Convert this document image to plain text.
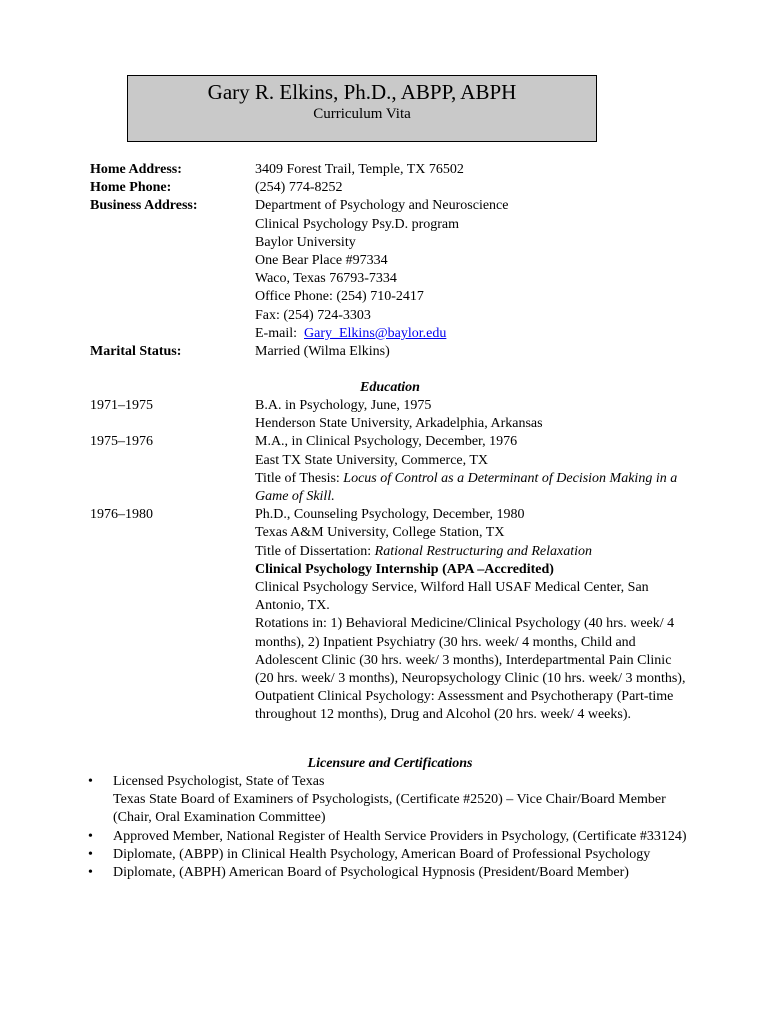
Gary R. Elkins, Ph.D., ABPP, ABPH
Curriculum Vita
Home Address:	3409 Forest Trail, Temple, TX 76502
Home Phone:	(254) 774-8252
Business Address:	Department of Psychology and Neuroscience
Clinical Psychology Psy.D. program
Baylor University
One Bear Place #97334
Waco, Texas 76793-7334
Office Phone: (254) 710-2417
Fax: (254) 724-3303
E-mail:  Gary_Elkins@baylor.edu
Marital Status:	Married (Wilma Elkins)
Education
1971–1975	B.A. in Psychology, June, 1975
Henderson State University, Arkadelphia, Arkansas
1975–1976	M.A., in Clinical Psychology, December, 1976
East TX State University, Commerce, TX
Title of Thesis: Locus of Control as a Determinant of Decision Making in a Game of Skill.
1976–1980	Ph.D., Counseling Psychology, December, 1980
Texas A&M University, College Station, TX
Title of Dissertation: Rational Restructuring and Relaxation
Clinical Psychology Internship (APA –Accredited)
Clinical Psychology Service, Wilford Hall USAF Medical Center, San Antonio, TX.
Rotations in: 1) Behavioral Medicine/Clinical Psychology (40 hrs. week/ 4 months), 2) Inpatient Psychiatry (30 hrs. week/ 4 months, Child and Adolescent Clinic (30 hrs. week/ 3 months), Interdepartmental Pain Clinic (20 hrs. week/ 3 months), Neuropsychology Clinic (10 hrs. week/ 3 months), Outpatient Clinical Psychology: Assessment and Psychotherapy (Part-time throughout 12 months), Drug and Alcohol (20 hrs. week/ 4 weeks).
Licensure and Certifications
• Licensed Psychologist, State of Texas
Texas State Board of Examiners of Psychologists, (Certificate #2520) – Vice Chair/Board Member (Chair, Oral Examination Committee)
• Approved Member, National Register of Health Service Providers in Psychology, (Certificate #33124)
• Diplomate, (ABPP) in Clinical Health Psychology, American Board of Professional Psychology
• Diplomate, (ABPH) American Board of Psychological Hypnosis (President/Board Member)
